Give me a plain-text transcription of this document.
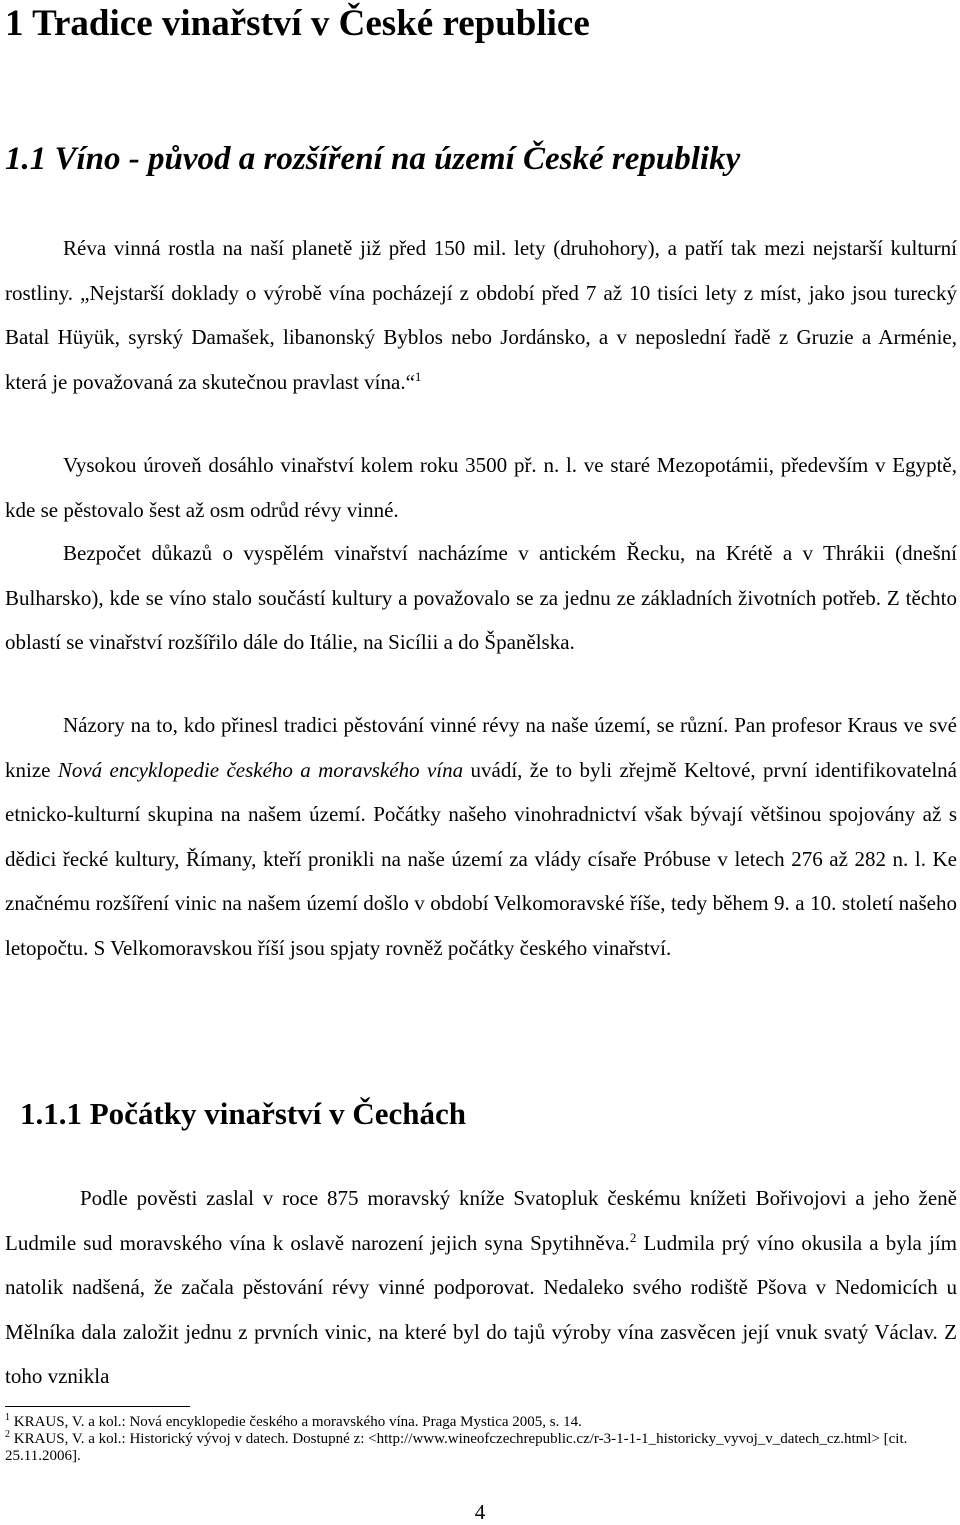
1 Tradice vinařství v České republice
1.1 Víno - původ a rozšíření na území České republiky

Réva vinná rostla na naší planetě již před 150 mil. lety (druhohory), a patří tak mezi nejstarší kulturní rostliny. „Nejstarší doklady o výrobě vína pocházejí z období před 7 až 10 tisíci lety z míst, jako jsou turecký Batal Hüyük, syrský Damašek, libanonský Byblos nebo Jordánsko, a v neposlední řadě z Gruzie a Arménie, která je považovaná za skutečnou pravlast vína.“$^1$

Vysokou úroveň dosáhlo vinařství kolem roku 3500 př. n. l. ve staré Mezopotámii, především v Egyptě, kde se pěstovalo šest až osm odrůd révy vinné.

Bezpočet důkazů o vyspělém vinařství nacházíme v antickém Řecku, na Krétě a v Thrákii (dnešní Bulharsko), kde se víno stalo součástí kultury a považovalo se za jednu ze základních životních potřeb. Z těchto oblastí se vinařství rozšířilo dále do Itálie, na Sicílii a do Španělska.

Názory na to, kdo přinesl tradici pěstování vinné révy na naše území, se různí. Pan profesor Kraus ve své knize Nová encyklopedie českého a moravského vína uvádí, že to byli zřejmě Keltové, první identifikovatelná etnicko-kulturní skupina na našem území. Počátky našeho vinohradnictví však bývají většinou spojovány až s dědici řecké kultury, Římany, kteří pronikli na naše území za vlády císaře Próbuse v letech 276 až 282 n. l. Ke značnému rozšíření vinic na našem území došlo v období Velkomoravské říše, tedy během 9. a 10. století našeho letopočtu. S Velkomoravskou říší jsou spjaty rovněž počátky českého vinařství.

1.1.1 Počátky vinařství v Čechách

Podle pověsti zaslal v roce 875 moravský kníže Svatopluk českému knížeti Bořivojovi a jeho ženě Ludmile sud moravského vína k oslavě narození jejich syna Spytihněva.$^2$ Ludmila prý víno okusila a byla jím natolik nadšená, že začala pěstování révy vinné podporovat. Nedaleko svého rodiště Pšova v Nedomicích u Mělníka dala založit jednu z prvních vinic, na které byl do tajů výroby vína zasvěcen její vnuk svatý Václav. Z toho vznikla

$^1$ KRAUS, V. a kol.: Nová encyklopedie českého a moravského vína. Praga Mystica 2005, s. 14.

$^2$ KRAUS, V. a kol.: Historický vývoj v datech. Dostupné z: <http://www.wineofczechrepublic.cz/r-3-1-1-1_historicky_vyvoj_v_datech_cz.html> [cit. 25.11.2006].

4
